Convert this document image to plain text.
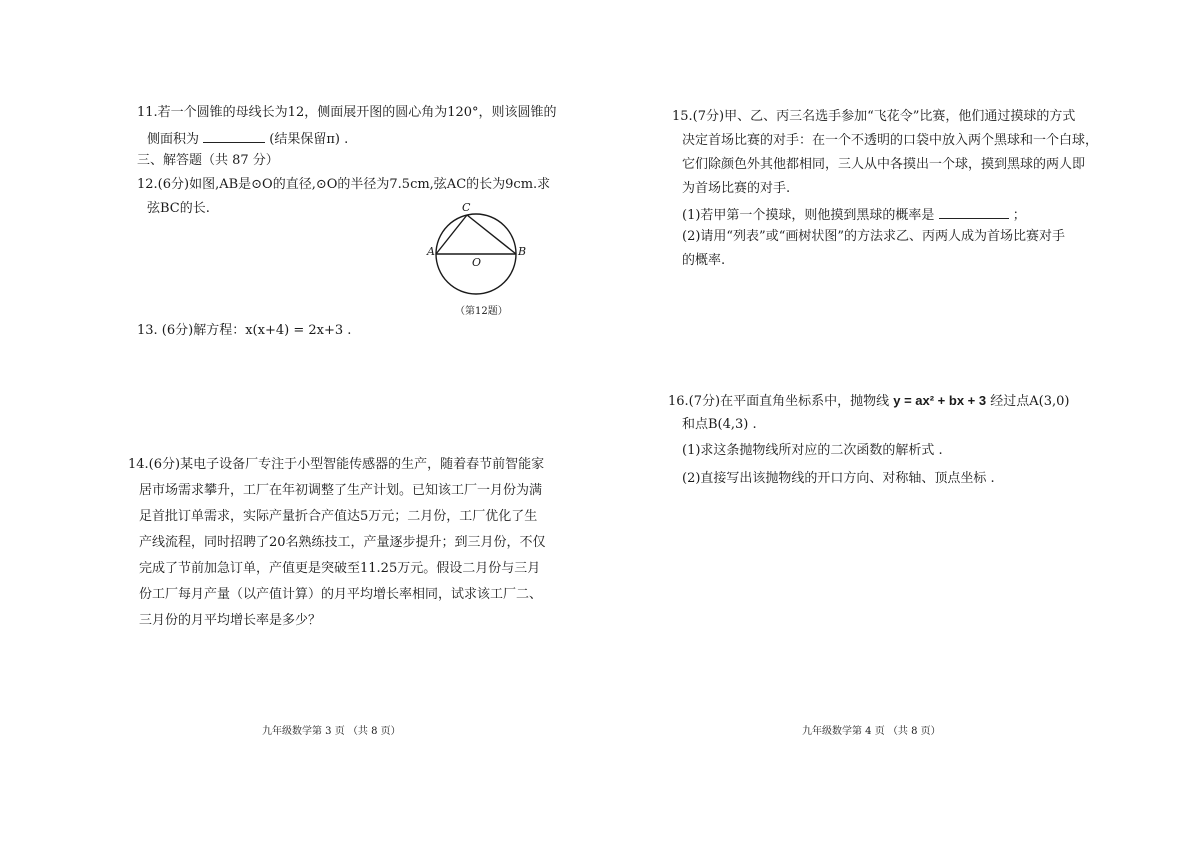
11.若一个圆锥的母线长为12，侧面展开图的圆心角为120°，则该圆锥的
侧面积为	(结果保留π) .
三、解答题（共 87 分）
12.(6分)如图,AB是⊙O的直径,⊙O的半径为7.5cm,弦AC的长为9cm.求
弦BC的长.	C
A	B
O
（第12题）
13. (6分)解方程：x(x+4) = 2x+3 .
14.(6分)某电子设备厂专注于小型智能传感器的生产，随着春节前智能家
居市场需求攀升，工厂在年初调整了生产计划。已知该工厂一月份为满
足首批订单需求，实际产量折合产值达5万元；二月份，工厂优化了生
产线流程，同时招聘了20名熟练技工，产量逐步提升；到三月份，不仅
完成了节前加急订单，产值更是突破至11.25万元。假设二月份与三月
份工厂每月产量（以产值计算）的月平均增长率相同，试求该工厂二、
三月份的月平均增长率是多少？
九年级数学第 3 页 （共 8 页）
15.(7分)甲、乙、丙三名选手参加“飞花令”比赛，他们通过摸球的方式
决定首场比赛的对手：在一个不透明的口袋中放入两个黑球和一个白球，
它们除颜色外其他都相同，三人从中各摸出一个球，摸到黑球的两人即
为首场比赛的对手.
(1)若甲第一个摸球，则他摸到黑球的概率是	；
(2)请用“列表”或“画树状图”的方法求乙、丙两人成为首场比赛对手
的概率.
16.(7分)在平面直角坐标系中，抛物线 y = ax² + bx + 3 经过点A(3,0)
和点B(4,3) .
(1)求这条抛物线所对应的二次函数的解析式 .
(2)直接写出该抛物线的开口方向、对称轴、顶点坐标 .
九年级数学第 4 页 （共 8 页）
